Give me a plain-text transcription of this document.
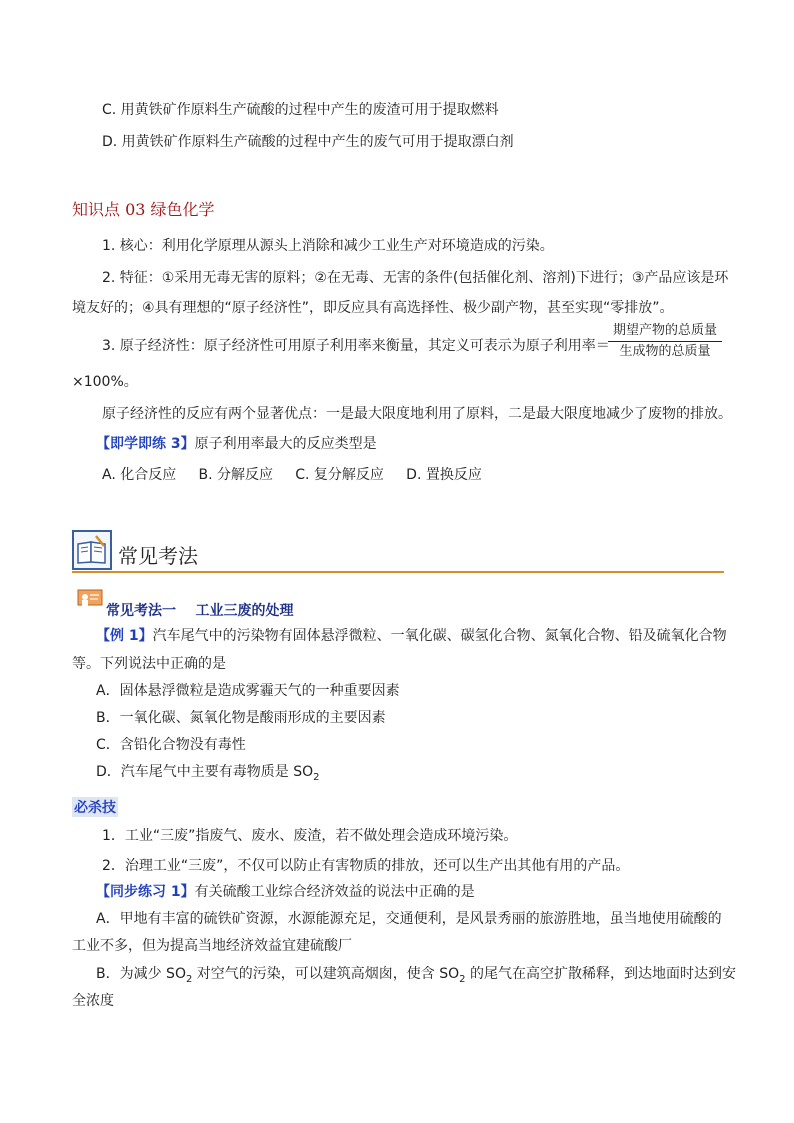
C. 用黄铁矿作原料生产硫酸的过程中产生的废渣可用于提取燃料
D. 用黄铁矿作原料生产硫酸的过程中产生的废气可用于提取漂白剂
知识点 03 绿色化学
1. 核心：利用化学原理从源头上消除和减少工业生产对环境造成的污染。
2. 特征：①采用无毒无害的原料；②在无毒、无害的条件(包括催化剂、溶剂)下进行；③产品应该是环
境友好的；④具有理想的“原子经济性”，即反应具有高选择性、极少副产物，甚至实现“零排放”。
3. 原子经济性：原子经济性可用原子利用率来衡量，其定义可表示为原子利用率＝
期望产物的总质量
生成物的总质量
×100%。
原子经济性的反应有两个显著优点：一是最大限度地利用了原料，二是最大限度地减少了废物的排放。
【即学即练 3】原子利用率最大的反应类型是
A. 化合反应     B. 分解反应     C. 复分解反应     D. 置换反应
常见考法
常见考法一    工业三废的处理
【例 1】汽车尾气中的污染物有固体悬浮微粒、一氧化碳、碳氢化合物、氮氧化合物、铅及硫氧化合物
等。下列说法中正确的是
A．固体悬浮微粒是造成雾霾天气的一种重要因素
B．一氧化碳、氮氧化物是酸雨形成的主要因素
C．含铅化合物没有毒性
D．汽车尾气中主要有毒物质是 $SO_2$
必杀技
1．工业“三废”指废气、废水、废渣，若不做处理会造成环境污染。
2．治理工业“三废”，不仅可以防止有害物质的排放，还可以生产出其他有用的产品。
【同步练习 1】有关硫酸工业综合经济效益的说法中正确的是
A．甲地有丰富的硫铁矿资源，水源能源充足，交通便利，是风景秀丽的旅游胜地，虽当地使用硫酸的
工业不多，但为提高当地经济效益宜建硫酸厂
B．为减少 $SO_2$ 对空气的污染，可以建筑高烟囱，使含 $SO_2$ 的尾气在高空扩散稀释，到达地面时达到安
全浓度
